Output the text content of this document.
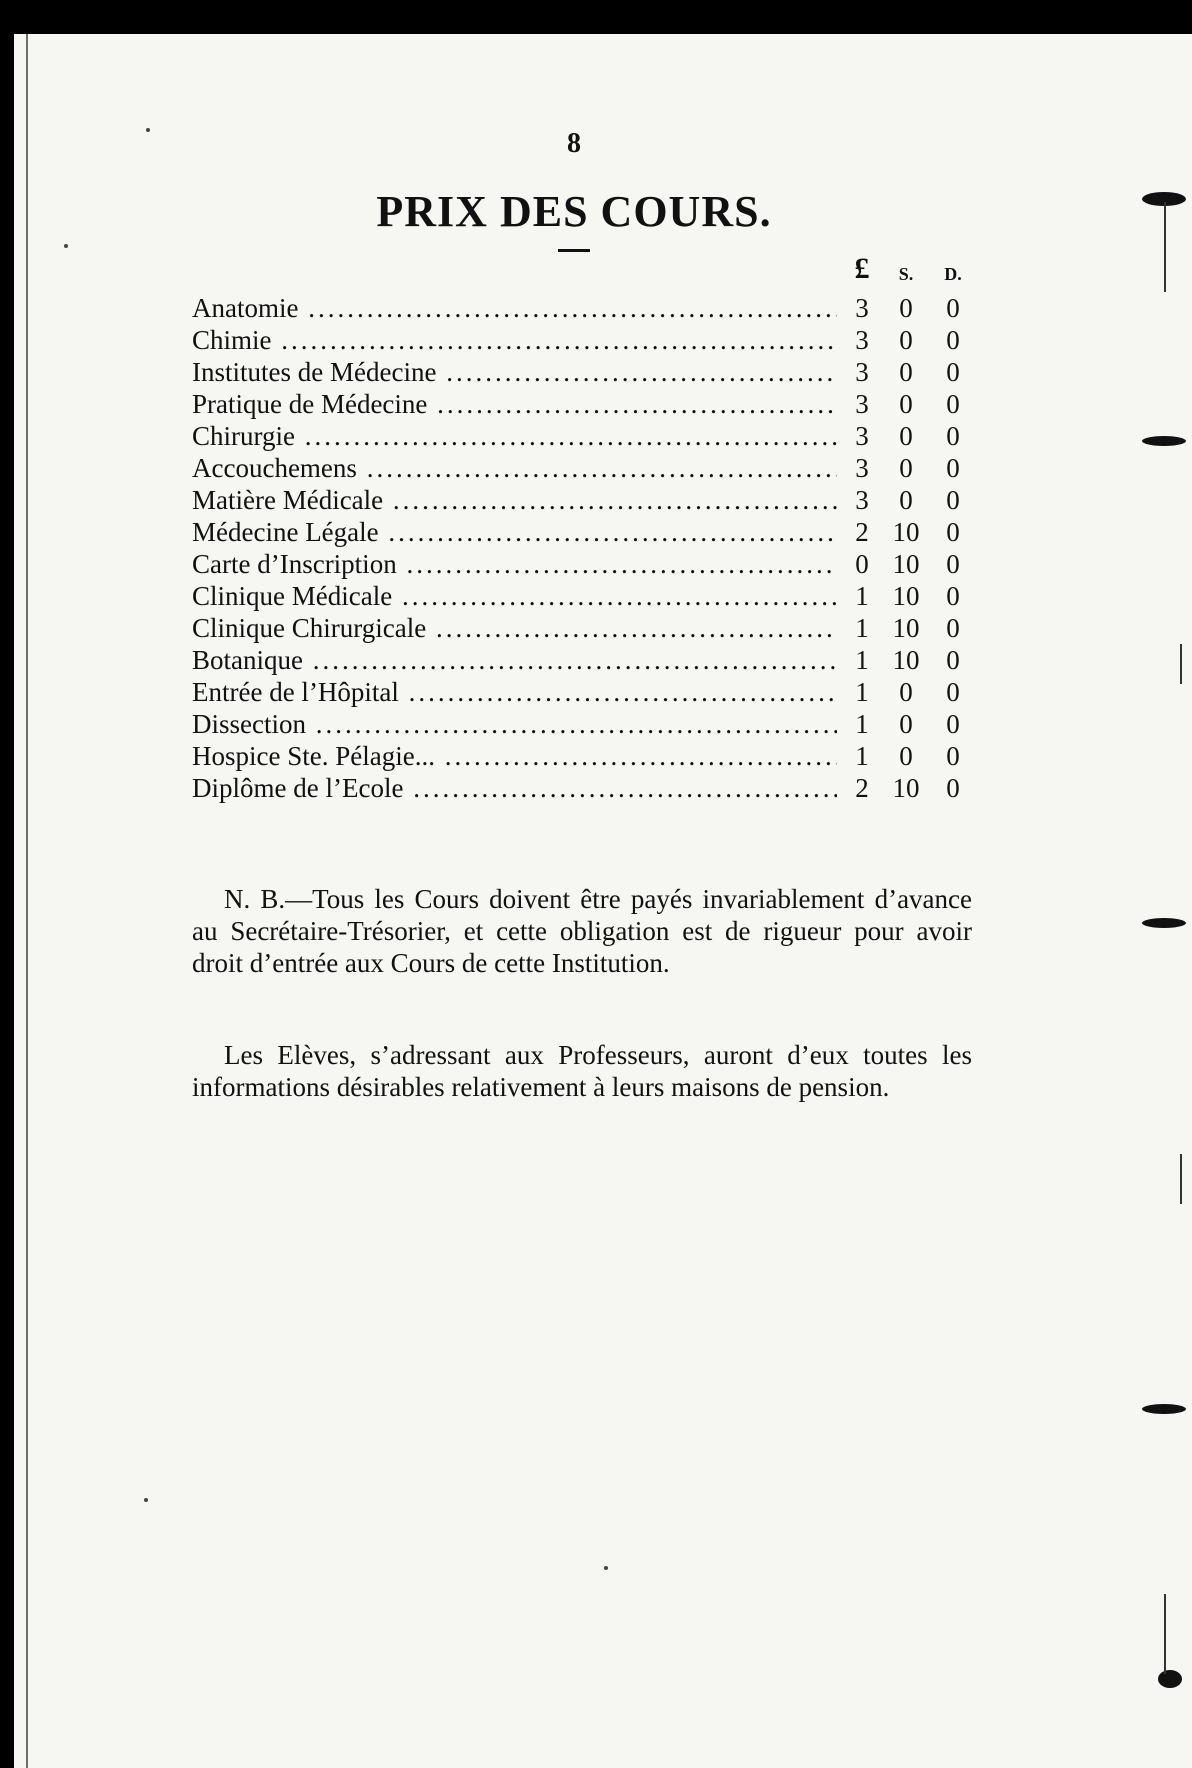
8
PRIX DES COURS.
£	S.	D.
Anatomie .....	3	0	0
Chimie .....	3	0	0
Institutes de Médecine .....	3	0	0
Pratique de Médecine .....	3	0	0
Chirurgie .....	3	0	0
Accouchemens .....	3	0	0
Matière Médicale .....	3	0	0
Médecine Légale .....	2 10 0
Carte d’Inscription .....	0 10 0
Clinique Médicale .....	1 10 0
Clinique Chirurgicale .....	1 10 0
Botanique .....	1 10 0
Entrée de l’Hôpital .....	1	0	0
Dissection .....	1	0	0
Hospice Ste. Pélagie... .....	1	0	0
Diplôme de l’Ecole .....	2 10 0

N. B.—Tous les Cours doivent être payés invariablement d’avance au Secrétaire-Trésorier, et cette obligation est de rigueur pour avoir droit d’entrée aux Cours de cette Institution.

Les Elèves, s’adressant aux Professeurs, auront d’eux toutes les informations désirables relativement à leurs maisons de pension.
